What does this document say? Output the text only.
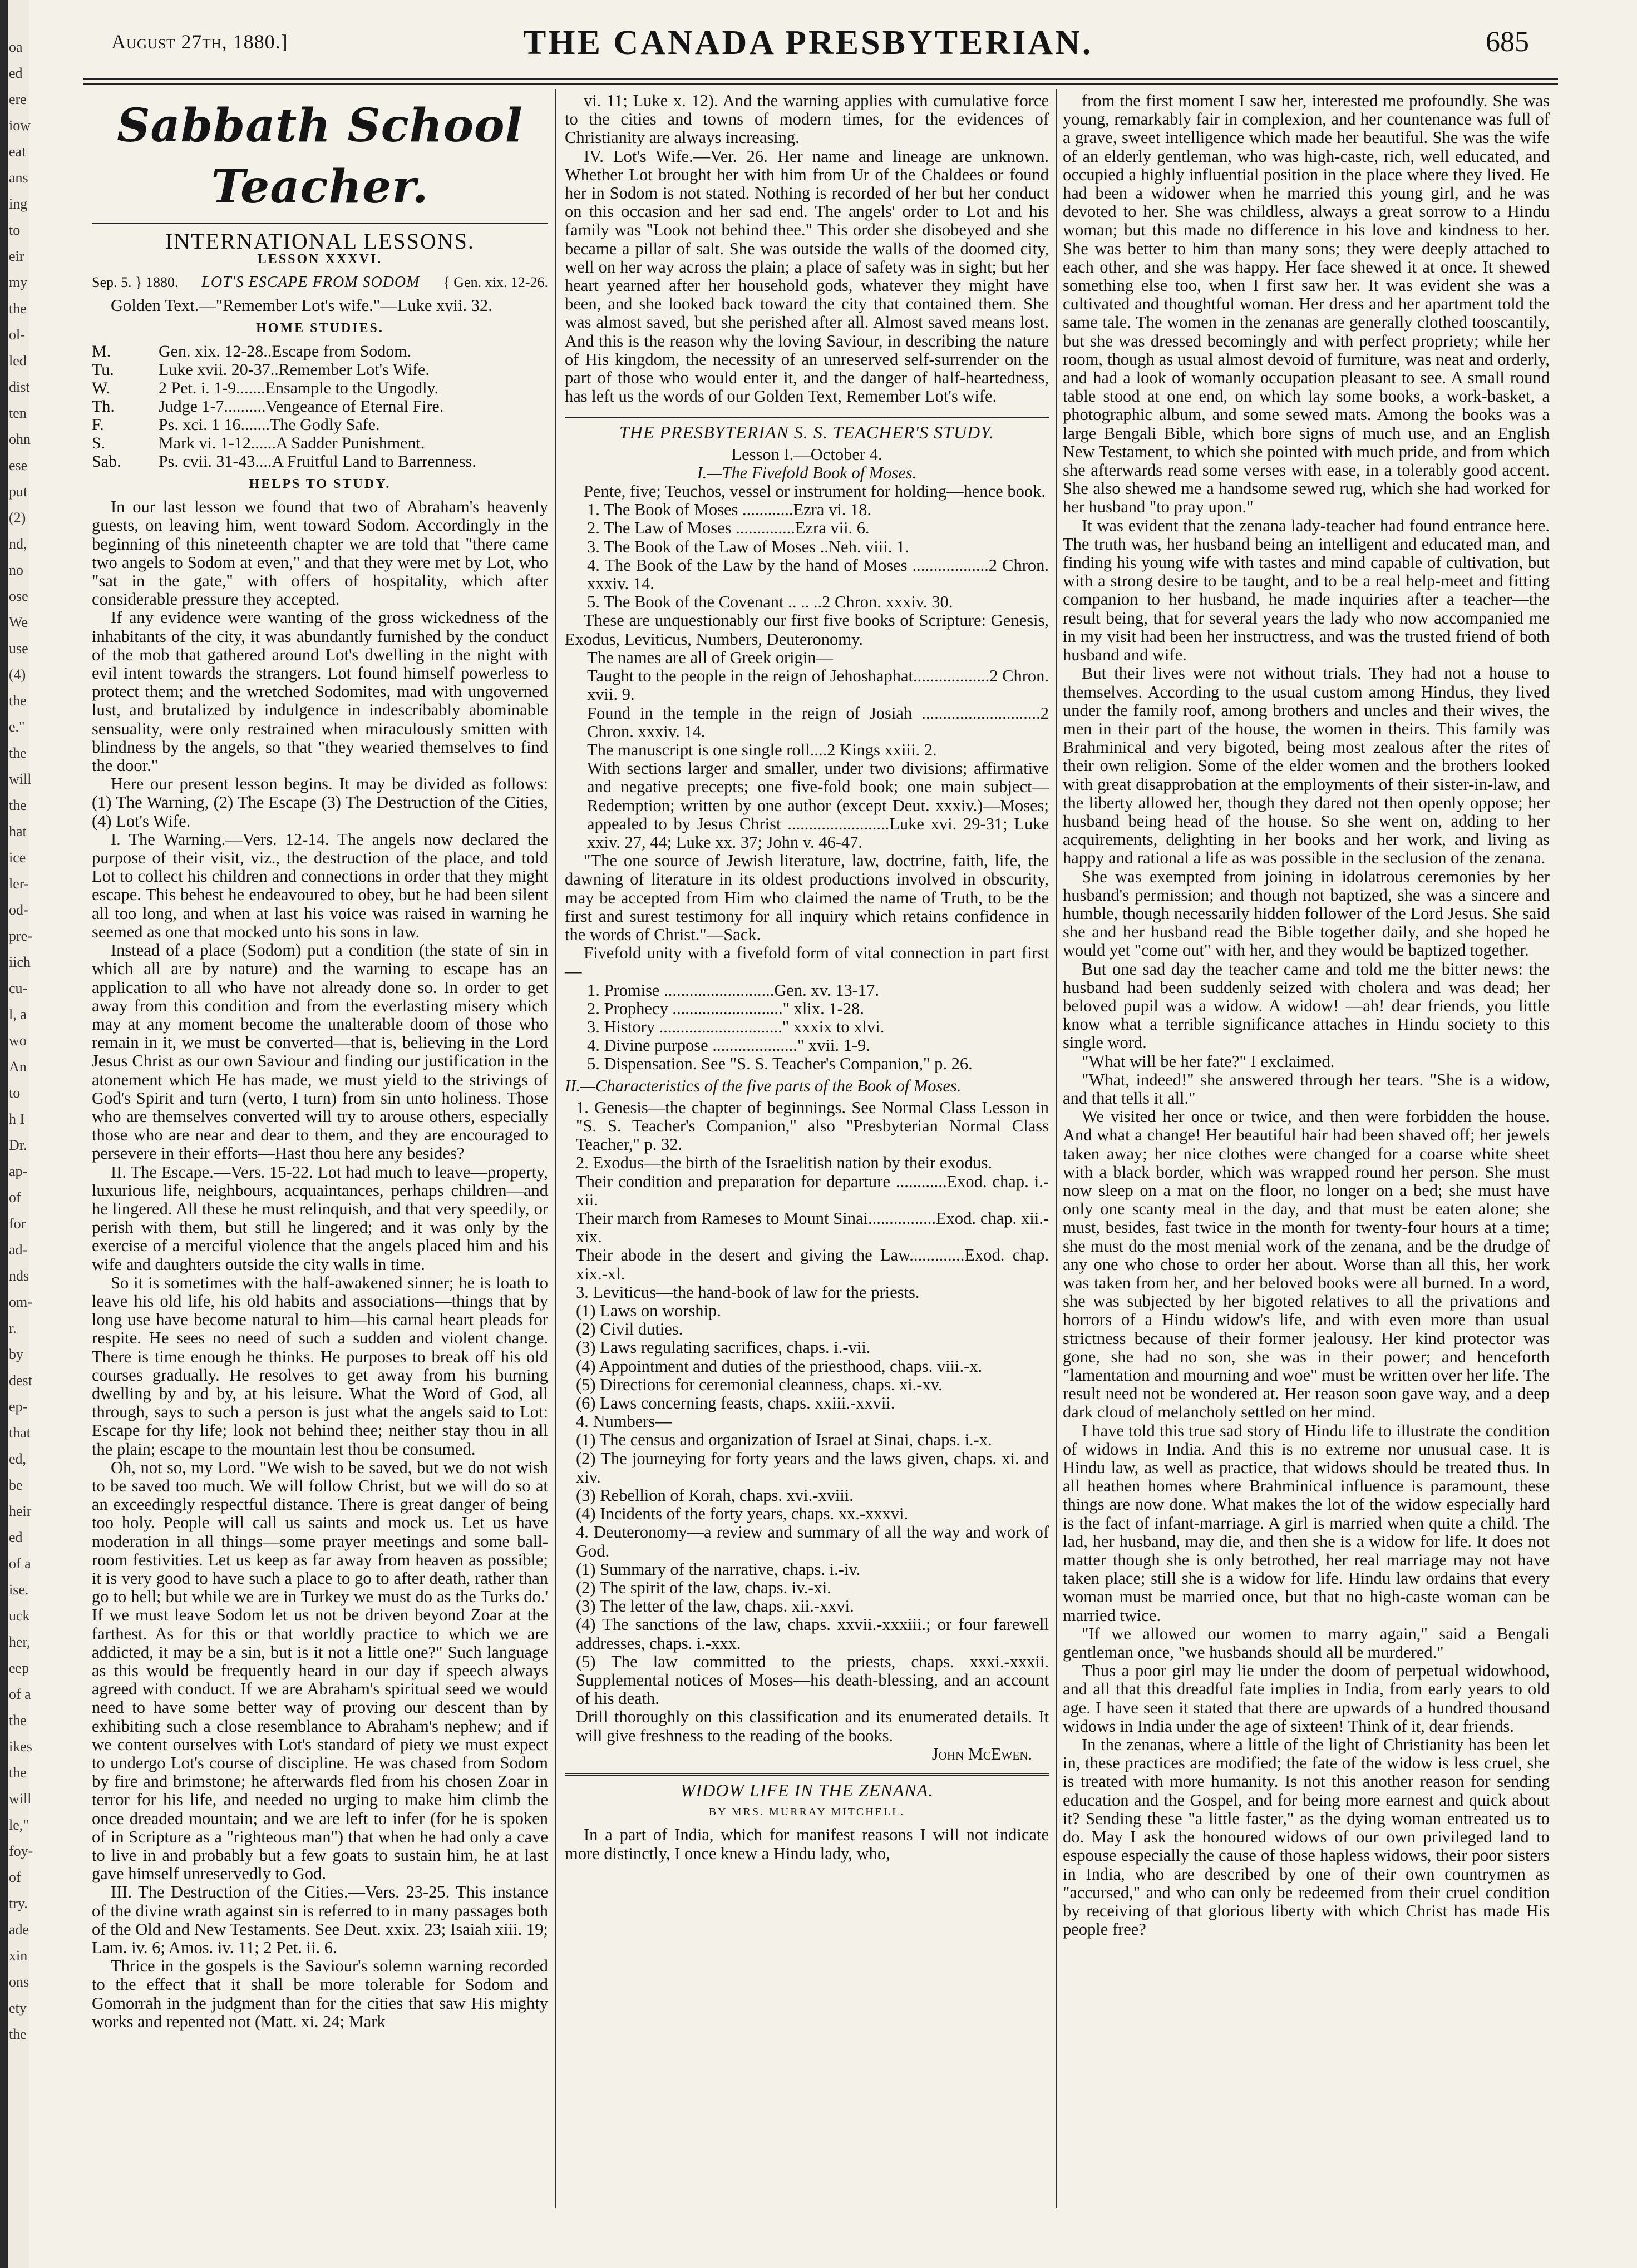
oa
ed
ere
iow
eat
ans
ing
to
eir
my
the
ol-
led
dist
ten
ohn
ese
put
(2)
nd,
no
ose
We
use
(4)
the
e."
the
will
the
hat
ice
ler-
od-
pre-
iich
cu-
l, a
wo
An
to
h I
Dr.
ap-
of
for
ad-
nds
om-
r.
by
dest
ep-
that
ed,
be
heir
ed
of a
ise.
uck
her,
eep
of a
the
ikes
the
will
le,"
foy-
of
try.
ade
xin
ons
ety
the
August 27th, 1880.]	THE CANADA PRESBYTERIAN.	685
Sabbath School Teacher.
INTERNATIONAL LESSONS.
LESSON XXXVI.
Sep. 5. } 1880. LOT'S ESCAPE FROM SODOM { Gen. xix. 12-26.

Golden Text.—"Remember Lot's wife."—Luke xvii. 32.

HOME STUDIES.
M.	Gen. xix. 12-28..Escape from Sodom.
Tu.	Luke xvii. 20-37..Remember Lot's Wife.
W.	2 Pet. i. 1-9.......Ensample to the Ungodly.
Th.	Judge 1-7..........Vengeance of Eternal Fire.
F.	Ps. xci. 1 16.......The Godly Safe.
S.	Mark vi. 1-12......A Sadder Punishment.
Sab.	Ps. cvii. 31-43....A Fruitful Land to Barrenness.
HELPS TO STUDY.

In our last lesson we found that two of Abraham's heavenly guests, on leaving him, went toward Sodom. Accordingly in the beginning of this nineteenth chapter we are told that "there came two angels to Sodom at even," and that they were met by Lot, who "sat in the gate," with offers of hospitality, which after considerable pressure they accepted.

If any evidence were wanting of the gross wickedness of the inhabitants of the city, it was abundantly furnished by the conduct of the mob that gathered around Lot's dwelling in the night with evil intent towards the strangers. Lot found himself powerless to protect them; and the wretched Sodomites, mad with ungoverned lust, and brutalized by indulgence in indescribably abominable sensuality, were only restrained when miraculously smitten with blindness by the angels, so that "they wearied themselves to find the door."

Here our present lesson begins. It may be divided as follows: (1) The Warning, (2) The Escape (3) The Destruction of the Cities, (4) Lot's Wife.

I. The Warning.—Vers. 12-14. The angels now declared the purpose of their visit, viz., the destruction of the place, and told Lot to collect his children and connections in order that they might escape. This behest he endeavoured to obey, but he had been silent all too long, and when at last his voice was raised in warning he seemed as one that mocked unto his sons in law.

Instead of a place (Sodom) put a condition (the state of sin in which all are by nature) and the warning to escape has an application to all who have not already done so. In order to get away from this condition and from the everlasting misery which may at any moment become the unalterable doom of those who remain in it, we must be converted—that is, believing in the Lord Jesus Christ as our own Saviour and finding our justification in the atonement which He has made, we must yield to the strivings of God's Spirit and turn (verto, I turn) from sin unto holiness. Those who are themselves converted will try to arouse others, especially those who are near and dear to them, and they are encouraged to persevere in their efforts—Hast thou here any besides?

II. The Escape.—Vers. 15-22. Lot had much to leave—property, luxurious life, neighbours, acquaintances, perhaps children—and he lingered. All these he must relinquish, and that very speedily, or perish with them, but still he lingered; and it was only by the exercise of a merciful violence that the angels placed him and his wife and daughters outside the city walls in time.

So it is sometimes with the half-awakened sinner; he is loath to leave his old life, his old habits and associations—things that by long use have become natural to him—his carnal heart pleads for respite. He sees no need of such a sudden and violent change. There is time enough he thinks. He purposes to break off his old courses gradually. He resolves to get away from his burning dwelling by and by, at his leisure. What the Word of God, all through, says to such a person is just what the angels said to Lot: Escape for thy life; look not behind thee; neither stay thou in all the plain; escape to the mountain lest thou be consumed.

Oh, not so, my Lord. "We wish to be saved, but we do not wish to be saved too much. We will follow Christ, but we will do so at an exceedingly respectful distance. There is great danger of being too holy. People will call us saints and mock us. Let us have moderation in all things—some prayer meetings and some ball-room festivities. Let us keep as far away from heaven as possible; it is very good to have such a place to go to after death, rather than go to hell; but while we are in Turkey we must do as the Turks do.' If we must leave Sodom let us not be driven beyond Zoar at the farthest. As for this or that worldly practice to which we are addicted, it may be a sin, but is it not a little one?" Such language as this would be frequently heard in our day if speech always agreed with conduct. If we are Abraham's spiritual seed we would need to have some better way of proving our descent than by exhibiting such a close resemblance to Abraham's nephew; and if we content ourselves with Lot's standard of piety we must expect to undergo Lot's course of discipline. He was chased from Sodom by fire and brimstone; he afterwards fled from his chosen Zoar in terror for his life, and needed no urging to make him climb the once dreaded mountain; and we are left to infer (for he is spoken of in Scripture as a "righteous man") that when he had only a cave to live in and probably but a few goats to sustain him, he at last gave himself unreservedly to God.

III. The Destruction of the Cities.—Vers. 23-25. This instance of the divine wrath against sin is referred to in many passages both of the Old and New Testaments. See Deut. xxix. 23; Isaiah xiii. 19; Lam. iv. 6; Amos. iv. 11; 2 Pet. ii. 6.

Thrice in the gospels is the Saviour's solemn warning recorded to the effect that it shall be more tolerable for Sodom and Gomorrah in the judgment than for the cities that saw His mighty works and repented not (Matt. xi. 24; Mark

vi. 11; Luke x. 12). And the warning applies with cumulative force to the cities and towns of modern times, for the evidences of Christianity are always increasing.

IV. Lot's Wife.—Ver. 26. Her name and lineage are unknown. Whether Lot brought her with him from Ur of the Chaldees or found her in Sodom is not stated. Nothing is recorded of her but her conduct on this occasion and her sad end. The angels' order to Lot and his family was "Look not behind thee." This order she disobeyed and she became a pillar of salt. She was outside the walls of the doomed city, well on her way across the plain; a place of safety was in sight; but her heart yearned after her household gods, whatever they might have been, and she looked back toward the city that contained them. She was almost saved, but she perished after all. Almost saved means lost. And this is the reason why the loving Saviour, in describing the nature of His kingdom, the necessity of an unreserved self-surrender on the part of those who would enter it, and the danger of half-heartedness, has left us the words of our Golden Text, Remember Lot's wife.

THE PRESBYTERIAN S. S. TEACHER'S STUDY.
Lesson I.—October 4.
I.—The Fivefold Book of Moses.

Pente, five; Teuchos, vessel or instrument for holding—hence book.

1. The Book of Moses ............Ezra vi. 18.
2. The Law of Moses ..............Ezra vii. 6.
3. The Book of the Law of Moses ..Neh. viii. 1.
4. The Book of the Law by the hand of Moses ..................2 Chron. xxxiv. 14.
5. The Book of the Covenant .. .. ..2 Chron. xxxiv. 30.

These are unquestionably our first five books of Scripture: Genesis, Exodus, Leviticus, Numbers, Deuteronomy.

The names are all of Greek origin—
Taught to the people in the reign of Jehoshaphat..................2 Chron. xvii. 9.
Found in the temple in the reign of Josiah ............................2 Chron. xxxiv. 14.
The manuscript is one single roll....2 Kings xxiii. 2.
With sections larger and smaller, under two divisions; affirmative and negative precepts; one five-fold book; one main subject—Redemption; written by one author (except Deut. xxxiv.)—Moses; appealed to by Jesus Christ ........................Luke xvi. 29-31; Luke xxiv. 27, 44; Luke xx. 37; John v. 46-47.

"The one source of Jewish literature, law, doctrine, faith, life, the dawning of literature in its oldest productions involved in obscurity, may be accepted from Him who claimed the name of Truth, to be the first and surest testimony for all inquiry which retains confidence in the words of Christ."—Sack.

Fivefold unity with a fivefold form of vital connection in part first—

1. Promise ..........................Gen. xv. 13-17.
2. Prophecy .........................." xlix. 1-28.
3. History ............................." xxxix to xlvi.
4. Divine purpose ...................." xvii. 1-9.
5. Dispensation. See "S. S. Teacher's Companion," p. 26.
II.—Characteristics of the five parts of the Book of Moses.
1. Genesis—the chapter of beginnings. See Normal Class Lesson in "S. S. Teacher's Companion," also "Presbyterian Normal Class Teacher," p. 32.
2. Exodus—the birth of the Israelitish nation by their exodus.
Their condition and preparation for departure ............Exod. chap. i.-xii.
Their march from Rameses to Mount Sinai................Exod. chap. xii.-xix.
Their abode in the desert and giving the Law.............Exod. chap. xix.-xl.
3. Leviticus—the hand-book of law for the priests.
(1) Laws on worship.
(2) Civil duties.
(3) Laws regulating sacrifices, chaps. i.-vii.
(4) Appointment and duties of the priesthood, chaps. viii.-x.
(5) Directions for ceremonial cleanness, chaps. xi.-xv.
(6) Laws concerning feasts, chaps. xxiii.-xxvii.
4. Numbers—
(1) The census and organization of Israel at Sinai, chaps. i.-x.
(2) The journeying for forty years and the laws given, chaps. xi. and xiv.
(3) Rebellion of Korah, chaps. xvi.-xviii.
(4) Incidents of the forty years, chaps. xx.-xxxvi.
4. Deuteronomy—a review and summary of all the way and work of God.
(1) Summary of the narrative, chaps. i.-iv.
(2) The spirit of the law, chaps. iv.-xi.
(3) The letter of the law, chaps. xii.-xxvi.
(4) The sanctions of the law, chaps. xxvii.-xxxiii.; or four farewell addresses, chaps. i.-xxx.
(5) The law committed to the priests, chaps. xxxi.-xxxii. Supplemental notices of Moses—his death-blessing, and an account of his death.
Drill thoroughly on this classification and its enumerated details. It will give freshness to the reading of the books.
John McEwen.
WIDOW LIFE IN THE ZENANA.
BY MRS. MURRAY MITCHELL.

In a part of India, which for manifest reasons I will not indicate more distinctly, I once knew a Hindu lady, who,

from the first moment I saw her, interested me profoundly. She was young, remarkably fair in complexion, and her countenance was full of a grave, sweet intelligence which made her beautiful. She was the wife of an elderly gentleman, who was high-caste, rich, well educated, and occupied a highly influential position in the place where they lived. He had been a widower when he married this young girl, and he was devoted to her. She was childless, always a great sorrow to a Hindu woman; but this made no difference in his love and kindness to her. She was better to him than many sons; they were deeply attached to each other, and she was happy. Her face shewed it at once. It shewed something else too, when I first saw her. It was evident she was a cultivated and thoughtful woman. Her dress and her apartment told the same tale. The women in the zenanas are generally clothed tooscantily, but she was dressed becomingly and with perfect propriety; while her room, though as usual almost devoid of furniture, was neat and orderly, and had a look of womanly occupation pleasant to see. A small round table stood at one end, on which lay some books, a work-basket, a photographic album, and some sewed mats. Among the books was a large Bengali Bible, which bore signs of much use, and an English New Testament, to which she pointed with much pride, and from which she afterwards read some verses with ease, in a tolerably good accent. She also shewed me a handsome sewed rug, which she had worked for her husband "to pray upon."

It was evident that the zenana lady-teacher had found entrance here. The truth was, her husband being an intelligent and educated man, and finding his young wife with tastes and mind capable of cultivation, but with a strong desire to be taught, and to be a real help-meet and fitting companion to her husband, he made inquiries after a teacher—the result being, that for several years the lady who now accompanied me in my visit had been her instructress, and was the trusted friend of both husband and wife.

But their lives were not without trials. They had not a house to themselves. According to the usual custom among Hindus, they lived under the family roof, among brothers and uncles and their wives, the men in their part of the house, the women in theirs. This family was Brahminical and very bigoted, being most zealous after the rites of their own religion. Some of the elder women and the brothers looked with great disapprobation at the employments of their sister-in-law, and the liberty allowed her, though they dared not then openly oppose; her husband being head of the house. So she went on, adding to her acquirements, delighting in her books and her work, and living as happy and rational a life as was possible in the seclusion of the zenana.

She was exempted from joining in idolatrous ceremonies by her husband's permission; and though not baptized, she was a sincere and humble, though necessarily hidden follower of the Lord Jesus. She said she and her husband read the Bible together daily, and she hoped he would yet "come out" with her, and they would be baptized together.

But one sad day the teacher came and told me the bitter news: the husband had been suddenly seized with cholera and was dead; her beloved pupil was a widow. A widow! —ah! dear friends, you little know what a terrible significance attaches in Hindu society to this single word.

"What will be her fate?" I exclaimed.

"What, indeed!" she answered through her tears. "She is a widow, and that tells it all."

We visited her once or twice, and then were forbidden the house. And what a change! Her beautiful hair had been shaved off; her jewels taken away; her nice clothes were changed for a coarse white sheet with a black border, which was wrapped round her person. She must now sleep on a mat on the floor, no longer on a bed; she must have only one scanty meal in the day, and that must be eaten alone; she must, besides, fast twice in the month for twenty-four hours at a time; she must do the most menial work of the zenana, and be the drudge of any one who chose to order her about. Worse than all this, her work was taken from her, and her beloved books were all burned. In a word, she was subjected by her bigoted relatives to all the privations and horrors of a Hindu widow's life, and with even more than usual strictness because of their former jealousy. Her kind protector was gone, she had no son, she was in their power; and henceforth "lamentation and mourning and woe" must be written over her life. The result need not be wondered at. Her reason soon gave way, and a deep dark cloud of melancholy settled on her mind.

I have told this true sad story of Hindu life to illustrate the condition of widows in India. And this is no extreme nor unusual case. It is Hindu law, as well as practice, that widows should be treated thus. In all heathen homes where Brahminical influence is paramount, these things are now done. What makes the lot of the widow especially hard is the fact of infant-marriage. A girl is married when quite a child. The lad, her husband, may die, and then she is a widow for life. It does not matter though she is only betrothed, her real marriage may not have taken place; still she is a widow for life. Hindu law ordains that every woman must be married once, but that no high-caste woman can be married twice.

"If we allowed our women to marry again," said a Bengali gentleman once, "we husbands should all be murdered."

Thus a poor girl may lie under the doom of perpetual widowhood, and all that this dreadful fate implies in India, from early years to old age. I have seen it stated that there are upwards of a hundred thousand widows in India under the age of sixteen! Think of it, dear friends.

In the zenanas, where a little of the light of Christianity has been let in, these practices are modified; the fate of the widow is less cruel, she is treated with more humanity. Is not this another reason for sending education and the Gospel, and for being more earnest and quick about it? Sending these "a little faster," as the dying woman entreated us to do. May I ask the honoured widows of our own privileged land to espouse especially the cause of those hapless widows, their poor sisters in India, who are described by one of their own countrymen as "accursed," and who can only be redeemed from their cruel condition by receiving of that glorious liberty with which Christ has made His people free?
